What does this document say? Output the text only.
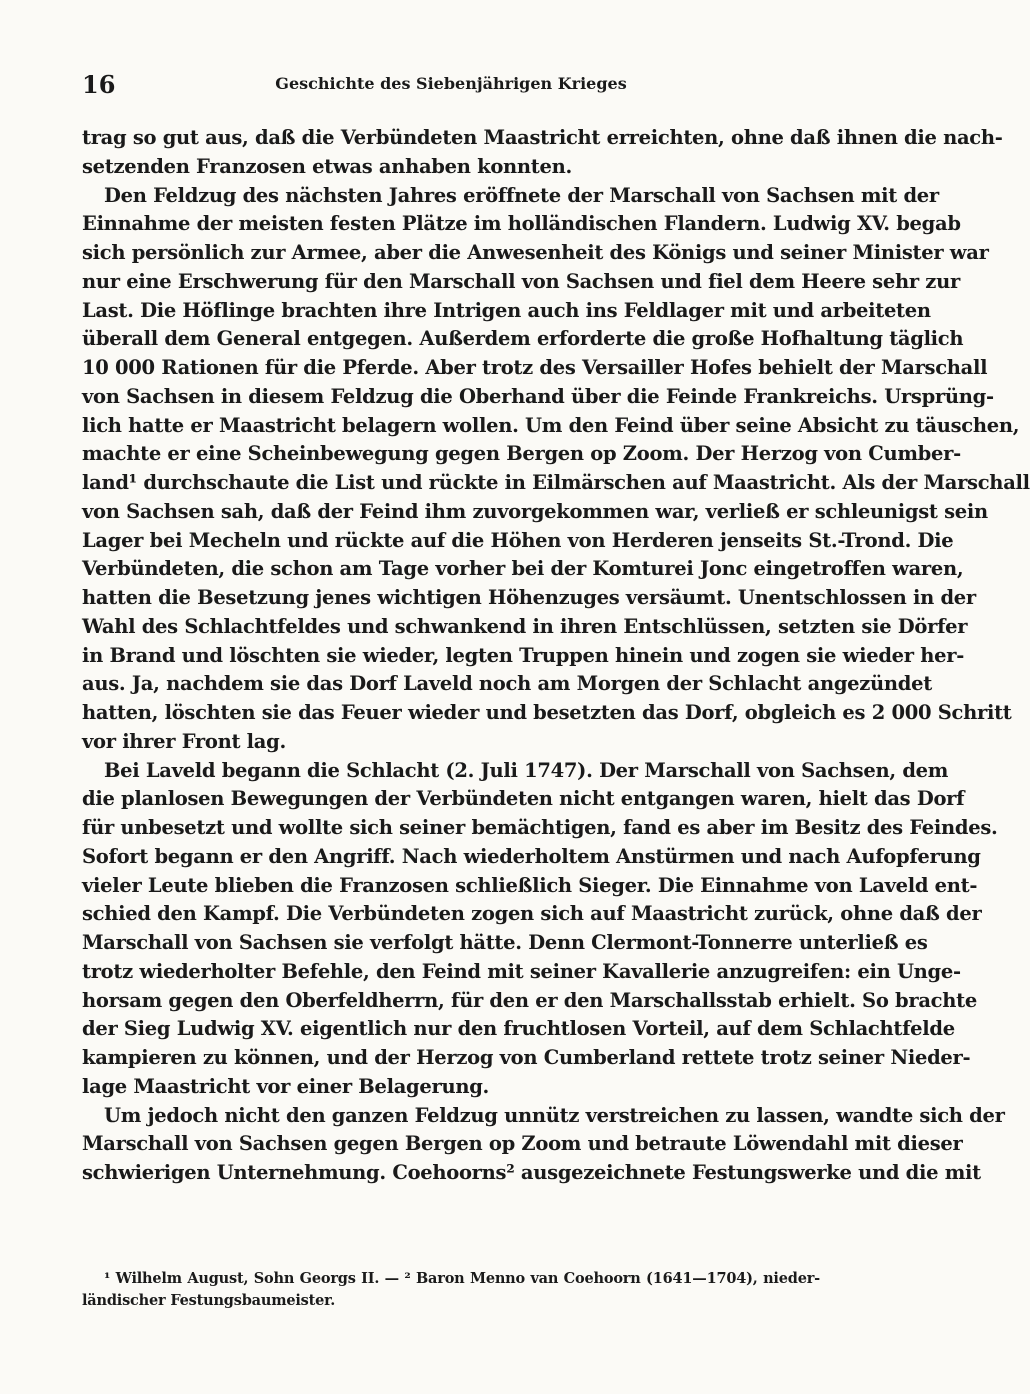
16	Geschichte des Siebenjährigen Krieges
trag so gut aus, daß die Verbündeten Maastricht erreichten, ohne daß ihnen die nach-
setzenden Franzosen etwas anhaben konnten.
Den Feldzug des nächsten Jahres eröffnete der Marschall von Sachsen mit der
Einnahme der meisten festen Plätze im holländischen Flandern. Ludwig XV. begab
sich persönlich zur Armee, aber die Anwesenheit des Königs und seiner Minister war
nur eine Erschwerung für den Marschall von Sachsen und fiel dem Heere sehr zur
Last. Die Höflinge brachten ihre Intrigen auch ins Feldlager mit und arbeiteten
überall dem General entgegen. Außerdem erforderte die große Hofhaltung täglich
10 000 Rationen für die Pferde. Aber trotz des Versailler Hofes behielt der Marschall
von Sachsen in diesem Feldzug die Oberhand über die Feinde Frankreichs. Ursprüng-
lich hatte er Maastricht belagern wollen. Um den Feind über seine Absicht zu täuschen,
machte er eine Scheinbewegung gegen Bergen op Zoom. Der Herzog von Cumber-
land¹ durchschaute die List und rückte in Eilmärschen auf Maastricht. Als der Marschall
von Sachsen sah, daß der Feind ihm zuvorgekommen war, verließ er schleunigst sein
Lager bei Mecheln und rückte auf die Höhen von Herderen jenseits St.-Trond. Die
Verbündeten, die schon am Tage vorher bei der Komturei Jonc eingetroffen waren,
hatten die Besetzung jenes wichtigen Höhenzuges versäumt. Unentschlossen in der
Wahl des Schlachtfeldes und schwankend in ihren Entschlüssen, setzten sie Dörfer
in Brand und löschten sie wieder, legten Truppen hinein und zogen sie wieder her-
aus. Ja, nachdem sie das Dorf Laveld noch am Morgen der Schlacht angezündet
hatten, löschten sie das Feuer wieder und besetzten das Dorf, obgleich es 2 000 Schritt
vor ihrer Front lag.
Bei Laveld begann die Schlacht (2. Juli 1747). Der Marschall von Sachsen, dem
die planlosen Bewegungen der Verbündeten nicht entgangen waren, hielt das Dorf
für unbesetzt und wollte sich seiner bemächtigen, fand es aber im Besitz des Feindes.
Sofort begann er den Angriff. Nach wiederholtem Anstürmen und nach Aufopferung
vieler Leute blieben die Franzosen schließlich Sieger. Die Einnahme von Laveld ent-
schied den Kampf. Die Verbündeten zogen sich auf Maastricht zurück, ohne daß der
Marschall von Sachsen sie verfolgt hätte. Denn Clermont-Tonnerre unterließ es
trotz wiederholter Befehle, den Feind mit seiner Kavallerie anzugreifen: ein Unge-
horsam gegen den Oberfeldherrn, für den er den Marschallsstab erhielt. So brachte
der Sieg Ludwig XV. eigentlich nur den fruchtlosen Vorteil, auf dem Schlachtfelde
kampieren zu können, und der Herzog von Cumberland rettete trotz seiner Nieder-
lage Maastricht vor einer Belagerung.
Um jedoch nicht den ganzen Feldzug unnütz verstreichen zu lassen, wandte sich der
Marschall von Sachsen gegen Bergen op Zoom und betraute Löwendahl mit dieser
schwierigen Unternehmung. Coehoorns² ausgezeichnete Festungswerke und die mit
¹ Wilhelm August, Sohn Georgs II. — ² Baron Menno van Coehoorn (1641—1704), nieder-
ländischer Festungsbaumeister.
